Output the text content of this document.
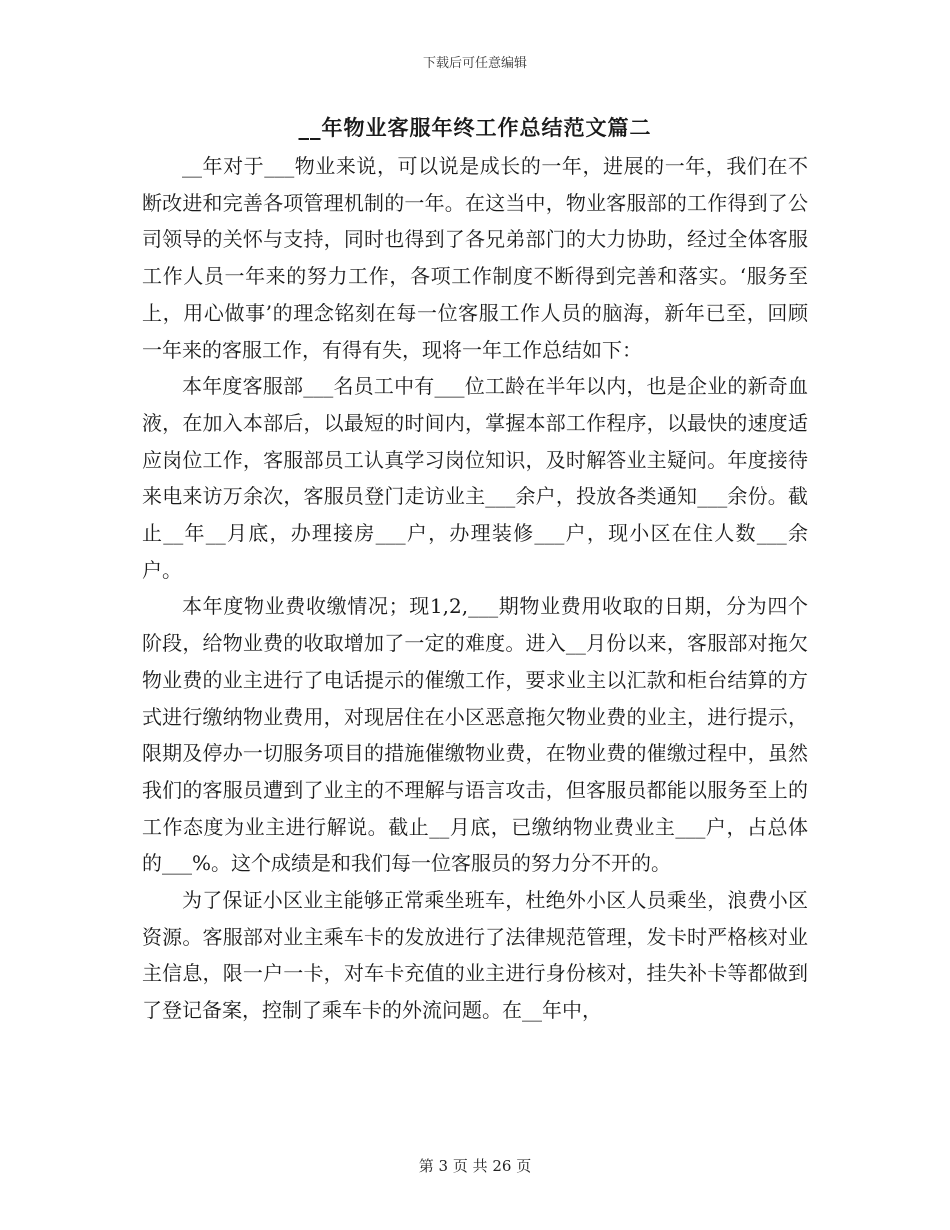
下载后可任意编辑
__年物业客服年终工作总结范文篇二

__年对于___物业来说，可以说是成长的一年，进展的一年，我们在不断改进和完善各项管理机制的一年。在这当中，物业客服部的工作得到了公司领导的关怀与支持，同时也得到了各兄弟部门的大力协助，经过全体客服工作人员一年来的努力工作，各项工作制度不断得到完善和落实。‘服务至上，用心做事’的理念铭刻在每一位客服工作人员的脑海，新年已至，回顾一年来的客服工作，有得有失，现将一年工作总结如下：

本年度客服部___名员工中有___位工龄在半年以内，也是企业的新奇血液，在加入本部后，以最短的时间内，掌握本部工作程序，以最快的速度适应岗位工作，客服部员工认真学习岗位知识，及时解答业主疑问。年度接待来电来访万余次，客服员登门走访业主___余户，投放各类通知___余份。截止__年__月底，办理接房___户，办理装修___户，现小区在住人数___余户。

本年度物业费收缴情况；现1,2,___期物业费用收取的日期，分为四个阶段，给物业费的收取增加了一定的难度。进入__月份以来，客服部对拖欠物业费的业主进行了电话提示的催缴工作，要求业主以汇款和柜台结算的方式进行缴纳物业费用，对现居住在小区恶意拖欠物业费的业主，进行提示，限期及停办一切服务项目的措施催缴物业费，在物业费的催缴过程中，虽然我们的客服员遭到了业主的不理解与语言攻击，但客服员都能以服务至上的工作态度为业主进行解说。截止__月底，已缴纳物业费业主___户，占总体的___%。这个成绩是和我们每一位客服员的努力分不开的。

为了保证小区业主能够正常乘坐班车，杜绝外小区人员乘坐，浪费小区资源。客服部对业主乘车卡的发放进行了法律规范管理，发卡时严格核对业主信息，限一户一卡，对车卡充值的业主进行身份核对，挂失补卡等都做到了登记备案，控制了乘车卡的外流问题。在__年中，

第 3 页 共 26 页
